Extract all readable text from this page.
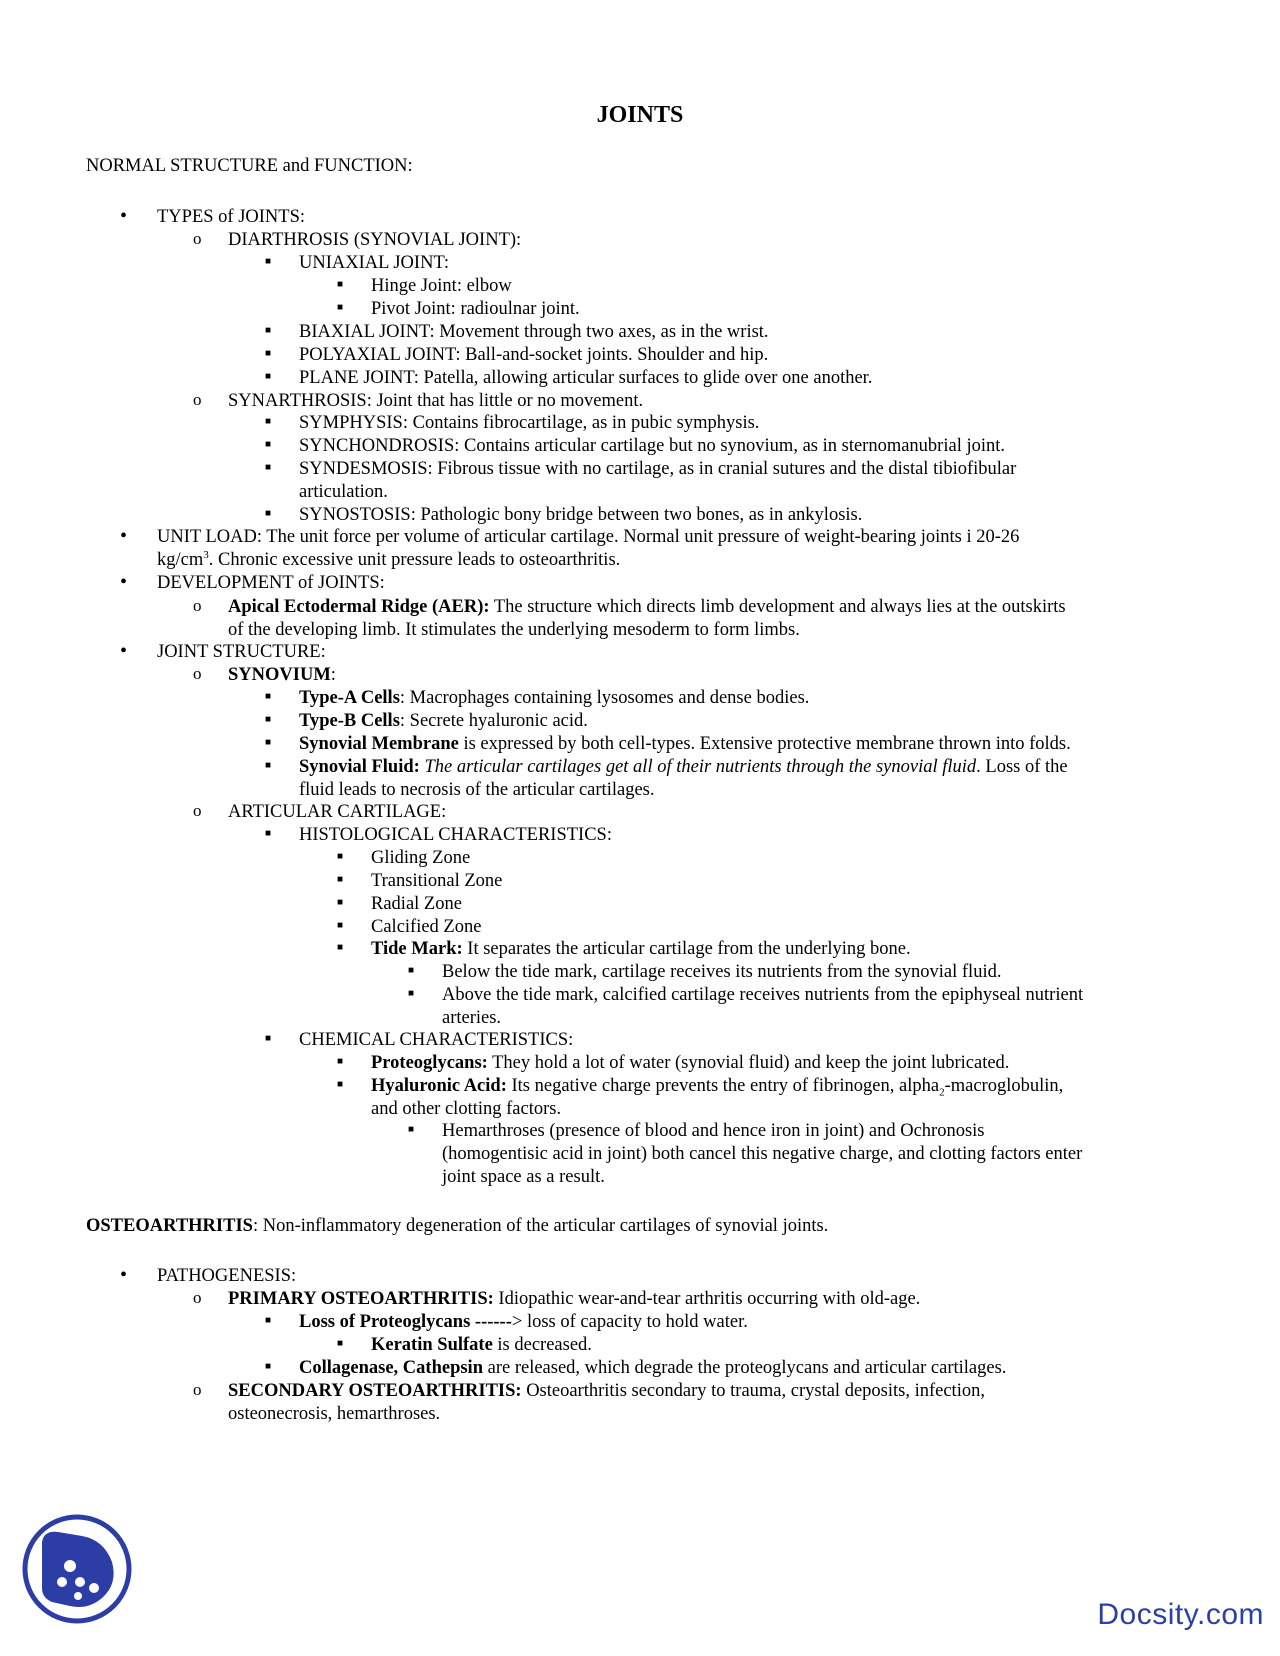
JOINTS
NORMAL STRUCTURE and FUNCTION:
• TYPES of JOINTS:
o DIARTHROSIS (SYNOVIAL JOINT):
■ UNIAXIAL JOINT:
■ Hinge Joint: elbow
■ Pivot Joint: radioulnar joint.
■ BIAXIAL JOINT: Movement through two axes, as in the wrist.
■ POLYAXIAL JOINT: Ball-and-socket joints. Shoulder and hip.
■ PLANE JOINT: Patella, allowing articular surfaces to glide over one another.
o SYNARTHROSIS: Joint that has little or no movement.
■ SYMPHYSIS: Contains fibrocartilage, as in pubic symphysis.
■ SYNCHONDROSIS: Contains articular cartilage but no synovium, as in sternomanubrial joint.
■ SYNDESMOSIS: Fibrous tissue with no cartilage, as in cranial sutures and the distal tibiofibular
articulation.
■ SYNOSTOSIS: Pathologic bony bridge between two bones, as in ankylosis.
• UNIT LOAD: The unit force per volume of articular cartilage. Normal unit pressure of weight-bearing joints i 20-26
$kg/cm^3$. Chronic excessive unit pressure leads to osteoarthritis.
• DEVELOPMENT of JOINTS:
o Apical Ectodermal Ridge (AER): The structure which directs limb development and always lies at the outskirts
of the developing limb. It stimulates the underlying mesoderm to form limbs.
• JOINT STRUCTURE:
o SYNOVIUM:
■ Type-A Cells: Macrophages containing lysosomes and dense bodies.
■ Type-B Cells: Secrete hyaluronic acid.
■ Synovial Membrane is expressed by both cell-types. Extensive protective membrane thrown into folds.
■ Synovial Fluid: The articular cartilages get all of their nutrients through the synovial fluid. Loss of the
fluid leads to necrosis of the articular cartilages.
o ARTICULAR CARTILAGE:
■ HISTOLOGICAL CHARACTERISTICS:
■ Gliding Zone
■ Transitional Zone
■ Radial Zone
■ Calcified Zone
■ Tide Mark: It separates the articular cartilage from the underlying bone.
■ Below the tide mark, cartilage receives its nutrients from the synovial fluid.
■ Above the tide mark, calcified cartilage receives nutrients from the epiphyseal nutrient
arteries.
■ CHEMICAL CHARACTERISTICS:
■ Proteoglycans: They hold a lot of water (synovial fluid) and keep the joint lubricated.
■ Hyaluronic Acid: Its negative charge prevents the entry of fibrinogen, alpha$_2$-macroglobulin,
and other clotting factors.
■ Hemarthroses (presence of blood and hence iron in joint) and Ochronosis
(homogentisic acid in joint) both cancel this negative charge, and clotting factors enter
joint space as a result.
OSTEOARTHRITIS: Non-inflammatory degeneration of the articular cartilages of synovial joints.
• PATHOGENESIS:
o PRIMARY OSTEOARTHRITIS: Idiopathic wear-and-tear arthritis occurring with old-age.
■ Loss of Proteoglycans ------> loss of capacity to hold water.
■ Keratin Sulfate is decreased.
■ Collagenase, Cathepsin are released, which degrade the proteoglycans and articular cartilages.
o SECONDARY OSTEOARTHRITIS: Osteoarthritis secondary to trauma, crystal deposits, infection,
osteonecrosis, hemarthroses.
Docsity.com
